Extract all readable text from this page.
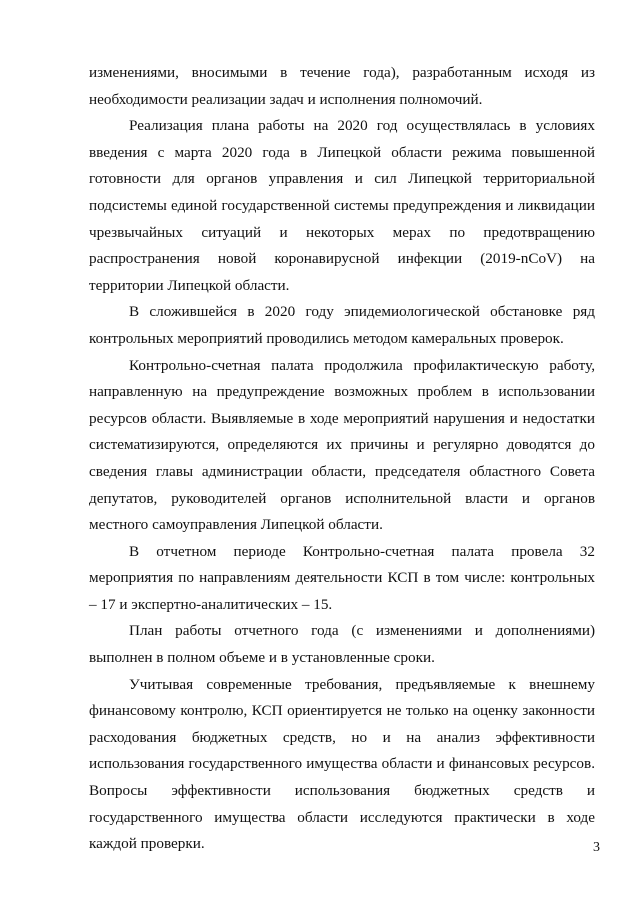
изменениями, вносимыми в течение года), разработанным исходя из необходимости реализации задач и исполнения полномочий.

Реализация плана работы на 2020 год осуществлялась в условиях введения с марта 2020 года в Липецкой области режима повышенной готовности для органов управления и сил Липецкой территориальной подсистемы единой государственной системы предупреждения и ликвидации чрезвычайных ситуаций и некоторых мерах по предотвращению распространения новой коронавирусной инфекции (2019-nCoV) на территории Липецкой области.

В сложившейся в 2020 году эпидемиологической обстановке ряд контрольных мероприятий проводились методом камеральных проверок.

Контрольно-счетная палата продолжила профилактическую работу, направленную на предупреждение возможных проблем в использовании ресурсов области. Выявляемые в ходе мероприятий нарушения и недостатки систематизируются, определяются их причины и регулярно доводятся до сведения главы администрации области, председателя областного Совета депутатов, руководителей органов исполнительной власти и органов местного самоуправления Липецкой области.

В отчетном периоде Контрольно-счетная палата провела 32 мероприятия по направлениям деятельности КСП в том числе: контрольных – 17 и экспертно-аналитических – 15.

План работы отчетного года (с изменениями и дополнениями) выполнен в полном объеме и в установленные сроки.

Учитывая современные требования, предъявляемые к внешнему финансовому контролю, КСП ориентируется не только на оценку законности расходования бюджетных средств, но и на анализ эффективности использования государственного имущества области и финансовых ресурсов. Вопросы эффективности использования бюджетных средств и государственного имущества области исследуются практически в ходе каждой проверки.	3
